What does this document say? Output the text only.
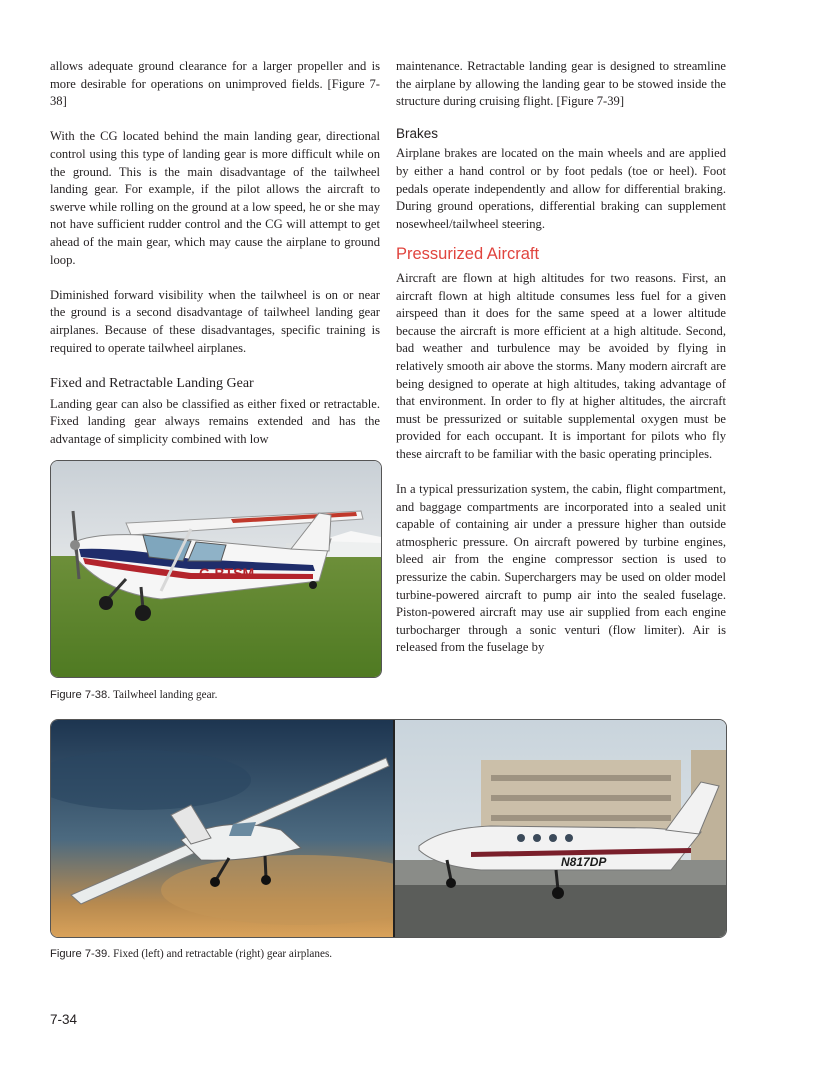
allows adequate ground clearance for a larger propeller and is more desirable for operations on unimproved fields. [Figure 7-38]

With the CG located behind the main landing gear, directional control using this type of landing gear is more difficult while on the ground. This is the main disadvantage of the tailwheel landing gear. For example, if the pilot allows the aircraft to swerve while rolling on the ground at a low speed, he or she may not have sufficient rudder control and the CG will attempt to get ahead of the main gear, which may cause the airplane to ground loop.

Diminished forward visibility when the tailwheel is on or near the ground is a second disadvantage of tailwheel landing gear airplanes. Because of these disadvantages, specific training is required to operate tailwheel airplanes.

Fixed and Retractable Landing Gear

Landing gear can also be classified as either fixed or retractable. Fixed landing gear always remains extended and has the advantage of simplicity combined with low

maintenance. Retractable landing gear is designed to streamline the airplane by allowing the landing gear to be stowed inside the structure during cruising flight. [Figure 7-39]

Brakes

Airplane brakes are located on the main wheels and are applied by either a hand control or by foot pedals (toe or heel). Foot pedals operate independently and allow for differential braking. During ground operations, differential braking can supplement nosewheel/tailwheel steering.

Pressurized Aircraft

Aircraft are flown at high altitudes for two reasons. First, an aircraft flown at high altitude consumes less fuel for a given airspeed than it does for the same speed at a lower altitude because the aircraft is more efficient at a high altitude. Second, bad weather and turbulence may be avoided by flying in relatively smooth air above the storms. Many modern aircraft are being designed to operate at high altitudes, taking advantage of that environment. In order to fly at higher altitudes, the aircraft must be pressurized or suitable supplemental oxygen must be provided for each occupant. It is important for pilots who fly these aircraft to be familiar with the basic operating principles.

In a typical pressurization system, the cabin, flight compartment, and baggage compartments are incorporated into a sealed unit capable of containing air under a pressure higher than outside atmospheric pressure. On aircraft powered by turbine engines, bleed air from the engine compressor section is used to pressurize the cabin. Superchargers may be used on older model turbine-powered aircraft to pump air into the sealed fuselage. Piston-powered aircraft may use air supplied from each engine turbocharger through a sonic venturi (flow limiter). Air is released from the fuselage by

G-BTSM
Figure 7-38. Tailwheel landing gear.
N817DP
Figure 7-39. Fixed (left) and retractable (right) gear airplanes.
7-34
